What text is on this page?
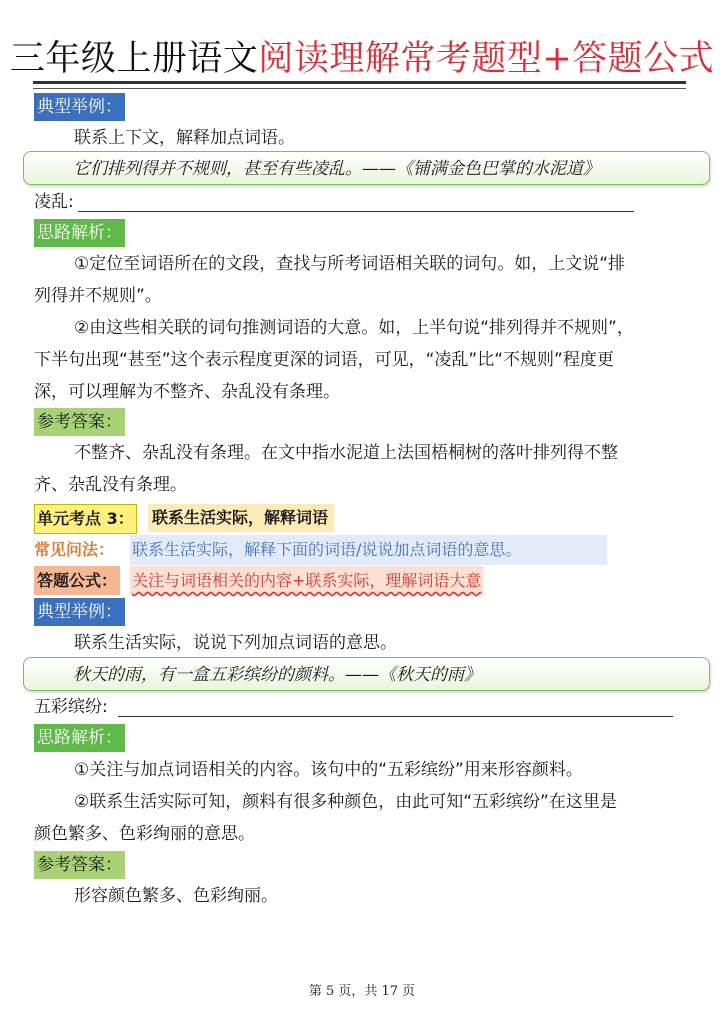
三年级上册语文阅读理解常考题型+答题公式
典型举例：
联系上下文，解释加点词语。
它们排列得并不规则，甚至有些凌乱。——《铺满金色巴掌的水泥道》
凌乱:
思路解析：
①定位至词语所在的文段，查找与所考词语相关联的词句。如，上文说“排
列得并不规则”。
②由这些相关联的词句推测词语的大意。如，上半句说“排列得并不规则”，
下半句出现“甚至”这个表示程度更深的词语，可见，“凌乱”比“不规则”程度更
深，可以理解为不整齐、杂乱没有条理。
参考答案：
不整齐、杂乱没有条理。在文中指水泥道上法国梧桐树的落叶排列得不整
齐、杂乱没有条理。
单元考点 3： 联系生活实际，解释词语
常见问法： 联系生活实际，解释下面的词语/说说加点词语的意思。
答题公式： 关注与词语相关的内容+联系实际，理解词语大意
典型举例：
联系生活实际，说说下列加点词语的意思。
秋天的雨，有一盒五彩缤纷的颜料。——《秋天的雨》
五彩缤纷:
思路解析：
①关注与加点词语相关的内容。该句中的“五彩缤纷”用来形容颜料。
②联系生活实际可知，颜料有很多种颜色，由此可知“五彩缤纷”在这里是
颜色繁多、色彩绚丽的意思。
参考答案：
形容颜色繁多、色彩绚丽。
第 5 页，共 17 页
